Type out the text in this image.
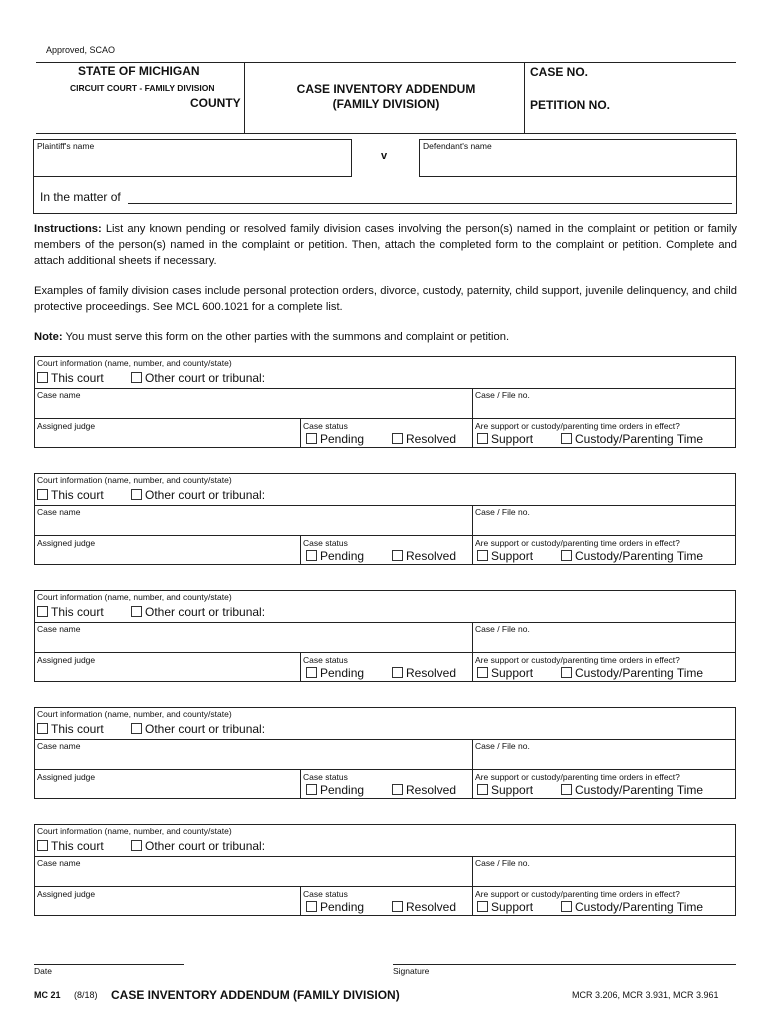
Approved, SCAO
STATE OF MICHIGAN
CIRCUIT COURT - FAMILY DIVISION
COUNTY
CASE INVENTORY ADDENDUM
(FAMILY DIVISION)
CASE NO.
PETITION NO.
Plaintiff's name
v
Defendant's name
In the matter of
Instructions: List any known pending or resolved family division cases involving the person(s) named in the complaint or petition or family members of the person(s) named in the complaint or petition. Then, attach the completed form to the complaint or petition. Complete and attach additional sheets if necessary.
Examples of family division cases include personal protection orders, divorce, custody, paternity, child support, juvenile delinquency, and child protective proceedings. See MCL 600.1021 for a complete list.
Note: You must serve this form on the other parties with the summons and complaint or petition.
Court information (name, number, and county/state)
This court	Other court or tribunal:
Case name	Case / File no.
Assigned judge	Case status
Pending	Resolved
Are support or custody/parenting time orders in effect?
Support	Custody/Parenting Time
Court information (name, number, and county/state)
This court	Other court or tribunal:
Case name	Case / File no.
Assigned judge	Case status
Pending	Resolved
Are support or custody/parenting time orders in effect?
Support	Custody/Parenting Time
Court information (name, number, and county/state)
This court	Other court or tribunal:
Case name	Case / File no.
Assigned judge	Case status
Pending	Resolved
Are support or custody/parenting time orders in effect?
Support	Custody/Parenting Time
Court information (name, number, and county/state)
This court	Other court or tribunal:
Case name	Case / File no.
Assigned judge	Case status
Pending	Resolved
Are support or custody/parenting time orders in effect?
Support	Custody/Parenting Time
Court information (name, number, and county/state)
This court	Other court or tribunal:
Case name	Case / File no.
Assigned judge	Case status
Pending	Resolved
Are support or custody/parenting time orders in effect?
Support	Custody/Parenting Time
Date	Signature
MC 21 (8/18) CASE INVENTORY ADDENDUM (FAMILY DIVISION)	MCR 3.206, MCR 3.931, MCR 3.961
